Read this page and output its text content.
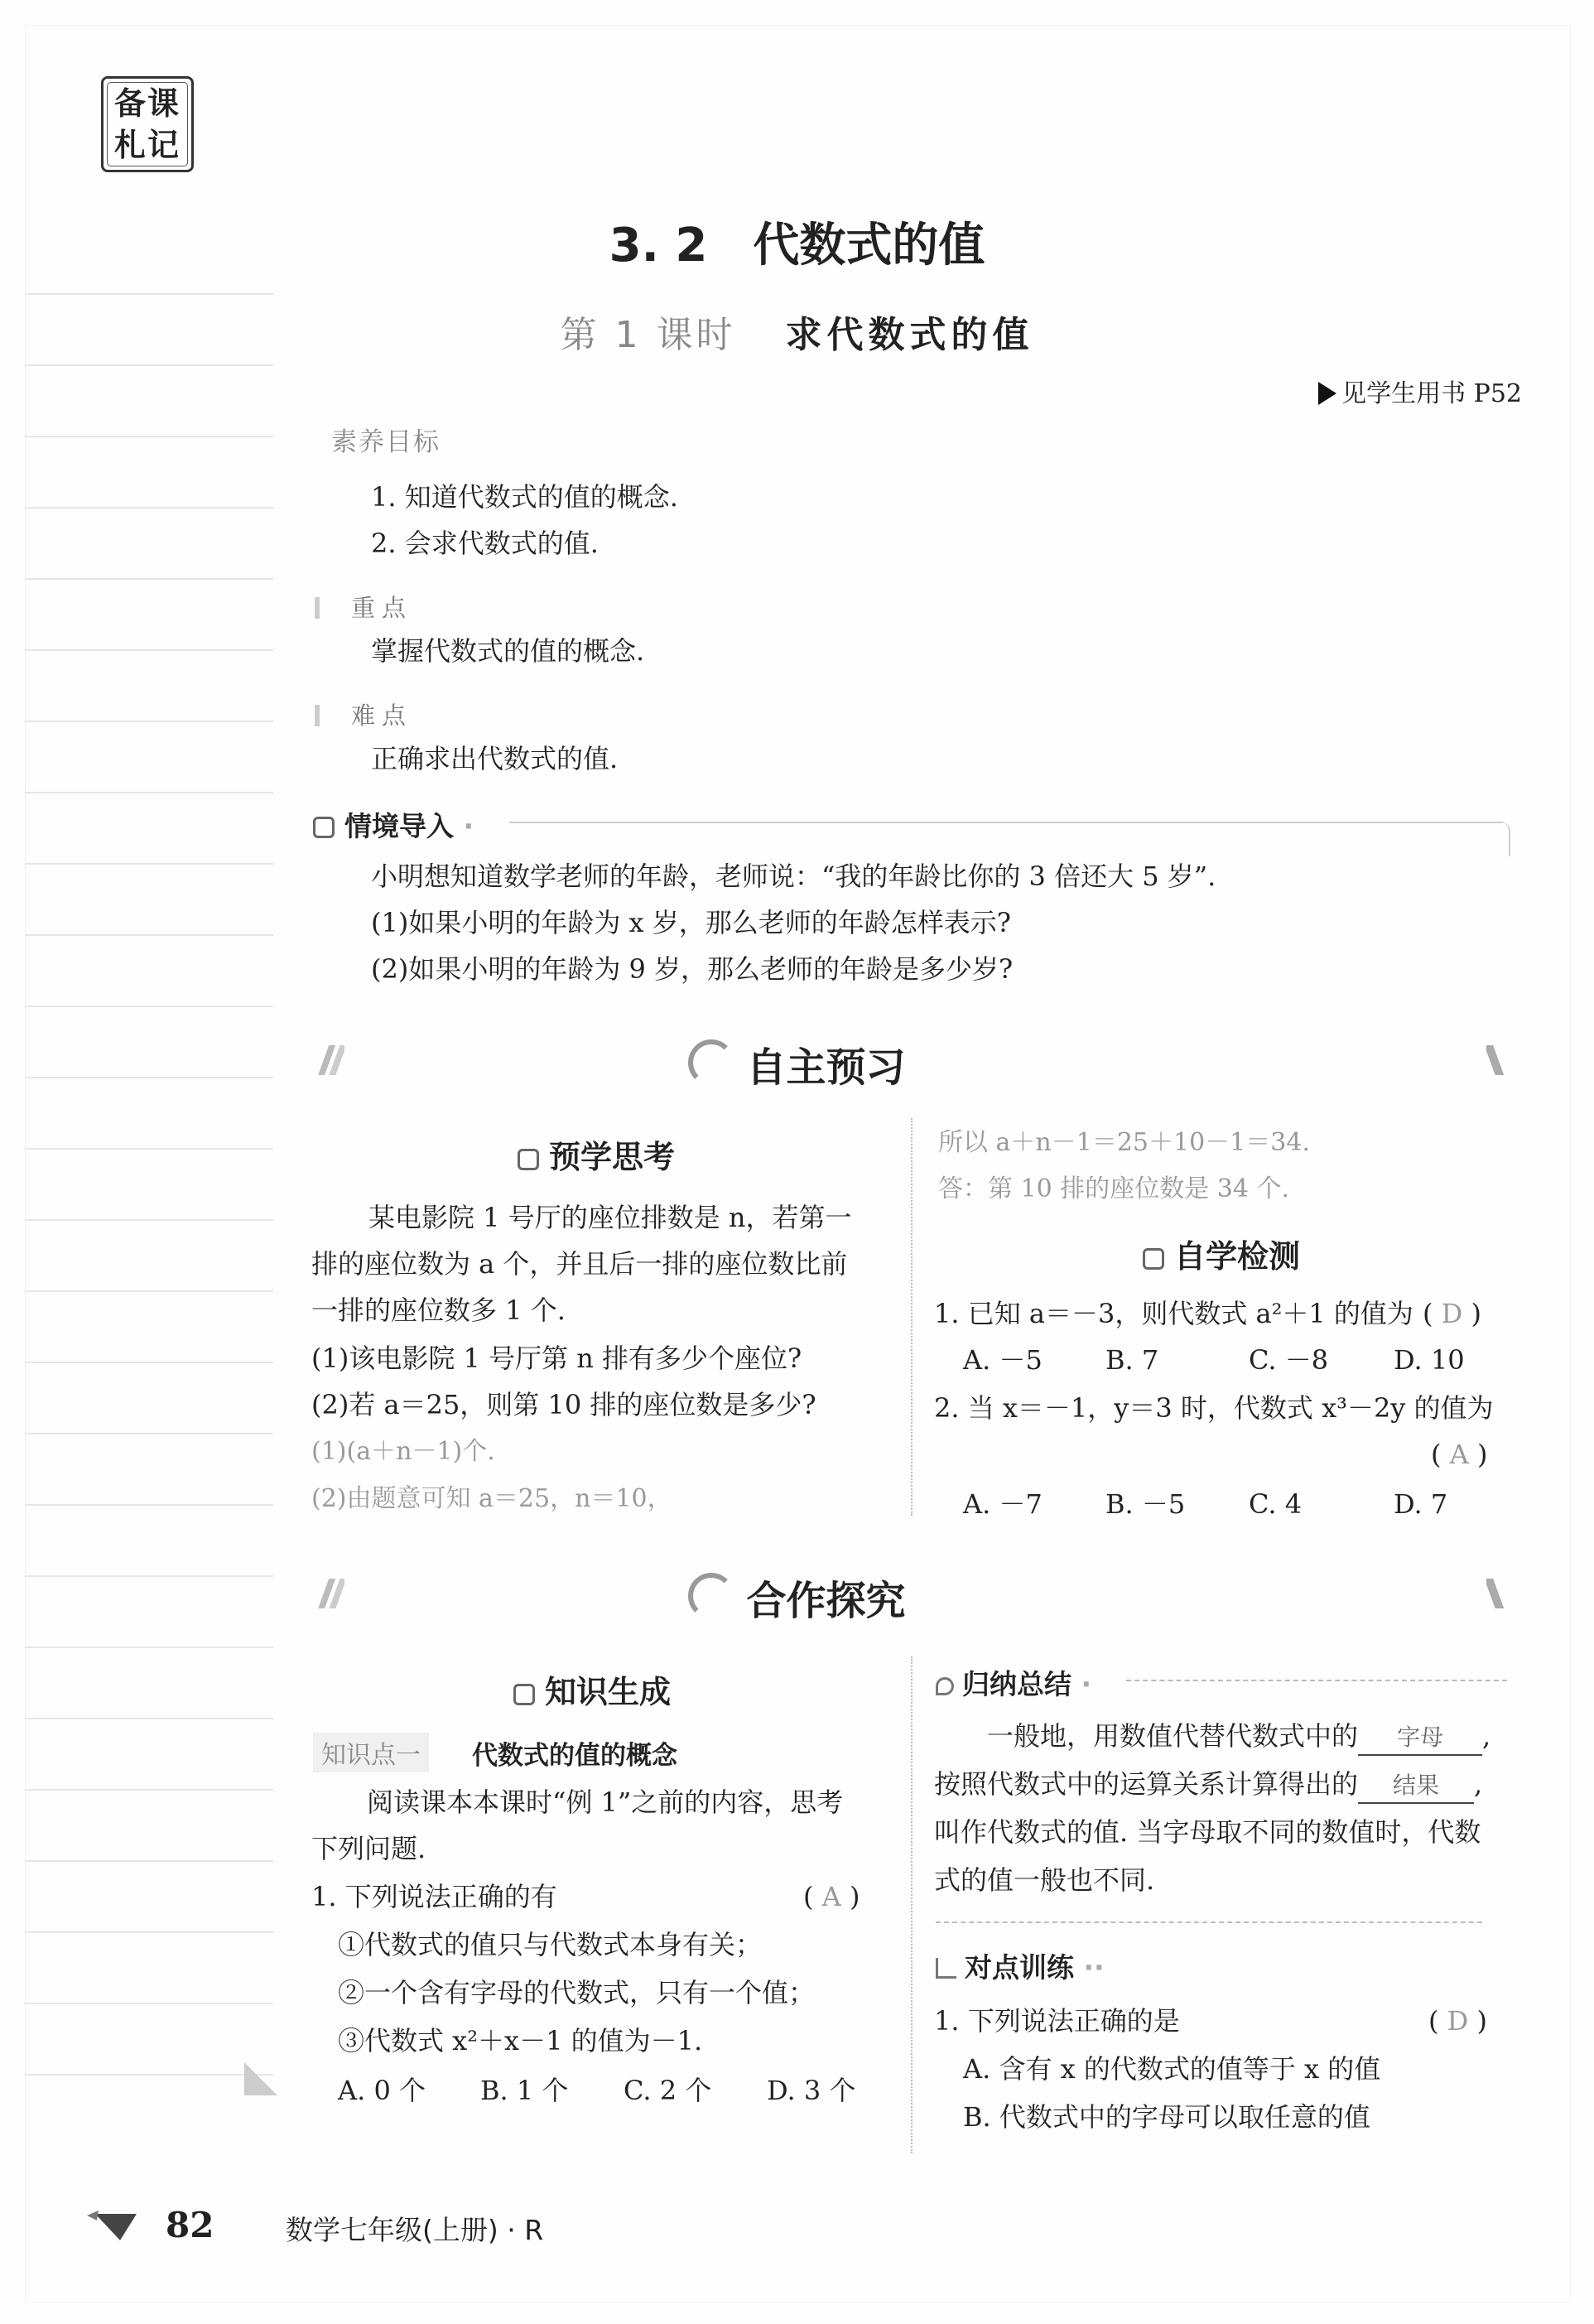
备课
札记
3. 2 代数式的值
第 1 课时 求代数式的值
见学生用书 P52
素养目标
1. 知道代数式的值的概念.
2. 会求代数式的值.
重点
掌握代数式的值的概念.
难点
正确求出代数式的值.
情境导入 ·
小明想知道数学老师的年龄，老师说：“我的年龄比你的 3 倍还大 5 岁”.
(1)如果小明的年龄为 x 岁，那么老师的年龄怎样表示?
(2)如果小明的年龄为 9 岁，那么老师的年龄是多少岁?
自主预习
预学思考
某电影院 1 号厅的座位排数是 n，若第一
排的座位数为 a 个，并且后一排的座位数比前
一排的座位数多 1 个.
(1)该电影院 1 号厅第 n 排有多少个座位?
(2)若 a＝25，则第 10 排的座位数是多少?
(1)(a＋n－1)个.
(2)由题意可知 a＝25，n＝10，
所以 a＋n－1＝25＋10－1＝34.
答：第 10 排的座位数是 34 个.
自学检测
1. 已知 a＝－3，则代数式 a²＋1 的值为 ( D )
A. －5 B. 7	C. －8 D. 10
2. 当 x＝－1，y＝3 时，代数式 x³－2y 的值为
( A )
A. －7 B. －5 C. 4	D. 7
合作探究
知识生成
知识点一	代数式的值的概念
阅读课本本课时“例 1”之前的内容，思考
下列问题.
1. 下列说法正确的有	( A )
①代数式的值只与代数式本身有关；
②一个含有字母的代数式，只有一个值；
③代数式 x²＋x－1 的值为－1.
A. 0 个 B. 1 个 C. 2 个 D. 3 个
归纳总结 ·
一般地，用数值代替代数式中的 字母 ,
按照代数式中的运算关系计算得出的 结果 ,
叫作代数式的值. 当字母取不同的数值时，代数
式的值一般也不同.
对点训练 ··
1. 下列说法正确的是	( D )
A. 含有 x 的代数式的值等于 x 的值
B. 代数式中的字母可以取任意的值
82	数学七年级(上册) · R
